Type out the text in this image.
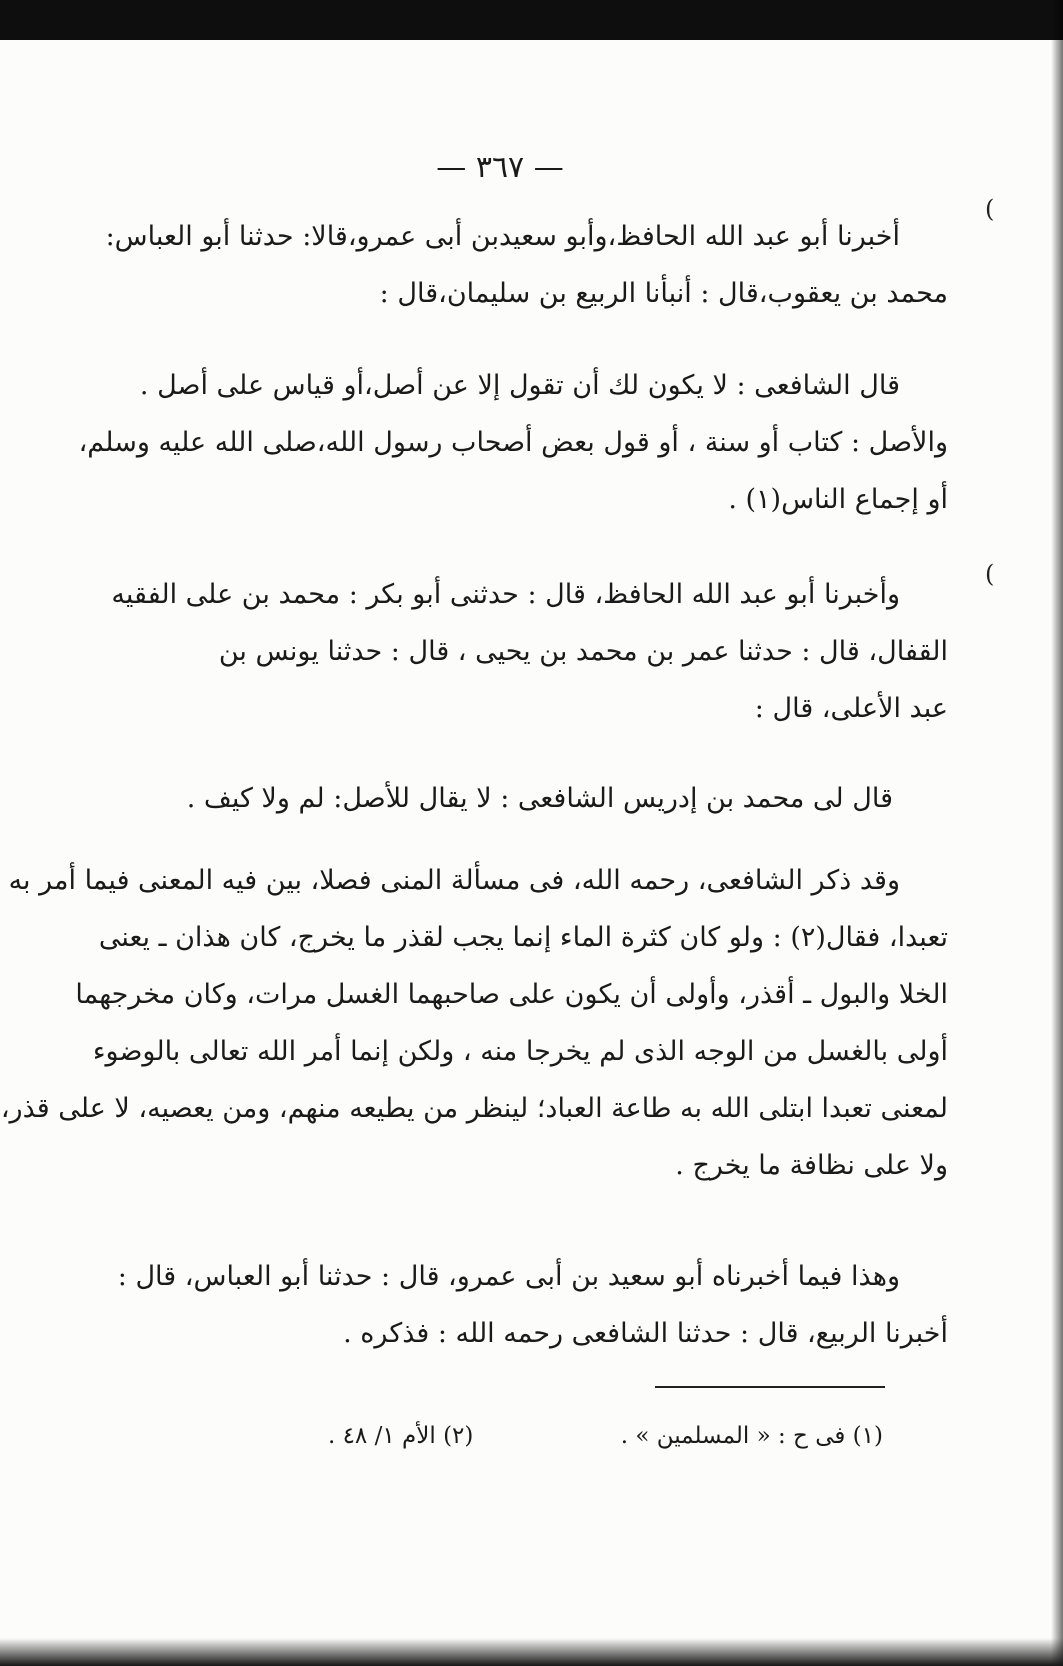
— ٣٦٧ —
أخبرنا أبو عبد الله الحافظ،وأبو سعيدبن أبى عمرو،قالا: حدثنا أبو العباس:
محمد بن يعقوب،قال : أنبأنا الربيع بن سليمان،قال :
قال الشافعى : لا يكون لك أن تقول إلا عن أصل،أو قياس على أصل .
والأصل : كتاب أو سنة ، أو قول بعض أصحاب رسول الله،صلى الله عليه وسلم،
أو إجماع الناس(١) .
وأخبرنا أبو عبد الله الحافظ، قال : حدثنى أبو بكر : محمد بن على الفقيه
القفال، قال : حدثنا عمر بن محمد بن يحيى ، قال : حدثنا يونس بن
عبد الأعلى، قال :
قال لى محمد بن إدريس الشافعى : لا يقال للأصل: لم ولا كيف .
وقد ذكر الشافعى، رحمه الله، فى مسألة المنى فصلا، بين فيه المعنى فيما أمر به
تعبدا، فقال(٢) : ولو كان كثرة الماء إنما يجب لقذر ما يخرج، كان هذان ـ يعنى
الخلا والبول ـ أقذر، وأولى أن يكون على صاحبهما الغسل مرات، وكان مخرجهما
أولى بالغسل من الوجه الذى لم يخرجا منه ، ولكن إنما أمر الله تعالى بالوضوء
لمعنى تعبدا ابتلى الله به طاعة العباد؛ لينظر من يطيعه منهم، ومن يعصيه، لا على قذر،
ولا على نظافة ما يخرج .
وهذا فيما أخبرناه أبو سعيد بن أبى عمرو، قال : حدثنا أبو العباس، قال :
أخبرنا الربيع، قال : حدثنا الشافعى رحمه الله : فذكره .
(١) فى ح : « المسلمين » . (٢) الأم ١/ ٤٨ .
(
(
